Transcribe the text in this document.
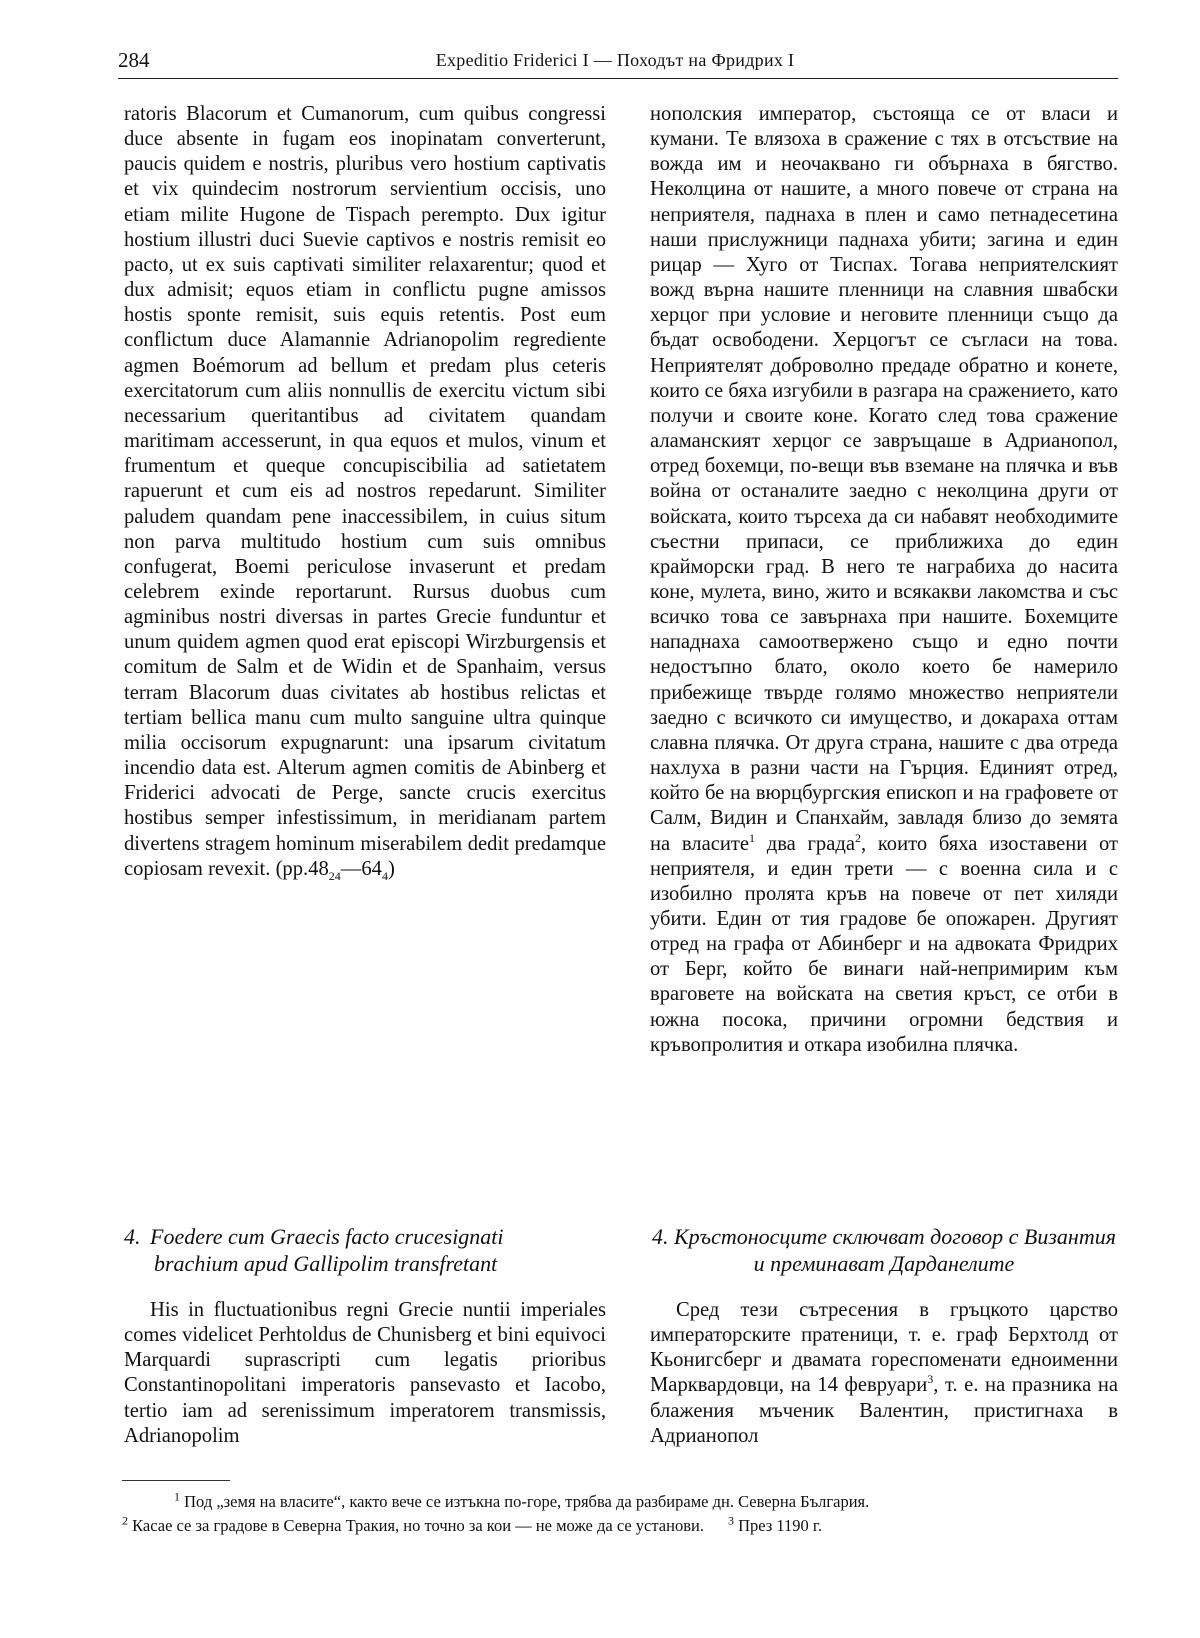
284	Expeditio Friderici I — Походът на Фридрих I

ratoris Blacorum et Cumanorum, cum quibus congressi duce absente in fugam eos inopinatam converterunt, paucis quidem e nostris, pluribus vero hostium captivatis et vix quindecim nostrorum servientium occisis, uno etiam milite Hugone de Tispach perempto. Dux igitur hostium illustri duci Suevie captivos e nostris remisit eo pacto, ut ex suis captivati similiter relaxarentur; quod et dux admisit; equos etiam in conflictu pugne amissos hostis sponte remisit, suis equis retentis. Post eum conflictum duce Alamannie Adrianopolim regrediente agmen Boémorum ad bellum et predam plus ceteris exercitatorum cum aliis nonnullis de exercitu victum sibi necessarium queritantibus ad civitatem quandam maritimam accesserunt, in qua equos et mulos, vinum et frumentum et queque concupiscibilia ad satietatem rapuerunt et cum eis ad nostros repedarunt. Similiter paludem quandam pene inaccessibilem, in cuius situm non parva multitudo hostium cum suis omnibus confugerat, Boemi periculose invaserunt et predam celebrem exinde reportarunt. Rursus duobus cum agminibus nostri diversas in partes Grecie funduntur et unum quidem agmen quod erat episcopi Wirzburgensis et comitum de Salm et de Widin et de Spanhaim, versus terram Blacorum duas civitates ab hostibus relictas et tertiam bellica manu cum multo sanguine ultra quinque milia occisorum expugnarunt: una ipsarum civitatum incendio data est. Alterum agmen comitis de Abinberg et Friderici advocati de Perge, sancte crucis exercitus hostibus semper infestissimum, in meridianam partem divertens stragem hominum miserabilem dedit predamque copiosam revexit. $(pp.48_{24}—64_4)$

нополския император, състояща се от власи и кумани. Те влязоха в сражение с тях в отсъствие на вожда им и неочаквано ги обърнаха в бягство. Неколцина от нашите, а много повече от страна на неприятеля, паднаха в плен и само петнадесетина наши прислужници паднаха убити; загина и един рицар — Хуго от Тиспах. Тогава неприятелският вожд върна нашите пленници на славния швабски херцог при условие и неговите пленници също да бъдат освободени. Херцогът се съгласи на това. Неприятелят доброволно предаде обратно и конете, които се бяха изгубили в разгара на сражението, като получи и своите коне. Когато след това сражение аламанският херцог се завръщаше в Адрианопол, отред бохемци, по-вещи във вземане на плячка и във война от останалите заедно с неколцина други от войската, които търсеха да си набавят необходимите съестни припаси, се приближиха до един крайморски град. В него те награбиха до насита коне, мулета, вино, жито и всякакви лакомства и със всичко това се завърнаха при нашите. Бохемците нападнаха самоотвержено също и едно почти недостъпно блато, около което бе намерило прибежище твърде голямо множество неприятели заедно с всичкото си имущество, и докараха оттам славна плячка. От друга страна, нашите с два отреда нахлуха в разни части на Гърция. Единият отред, който бе на вюрцбургския епископ и на графовете от Салм, Видин и Спанхайм, завладя близо до земята на власите$^1$ два града$^2$, които бяха изоставени от неприятеля, и един трети — с военна сила и с изобилно пролята кръв на повече от пет хиляди убити. Един от тия градове бе опожарен. Другият отред на графа от Абинберг и на адвоката Фридрих от Берг, който бе винаги най-непримирим към враговете на войската на светия кръст, се отби в южна посока, причини огромни бедствия и кръвопролития и откара изобилна плячка.

4. Foedere cum Graecis facto crucesignati
brachium apud Gallipolim transfretant
4. Кръстоносците сключват договор с Византия и преминават Дарданелите

His in fluctuationibus regni Grecie nuntii imperiales comes videlicet Perhtoldus de Chunisberg et bini equivoci Marquardi suprascripti cum legatis prioribus Constantinopolitani imperatoris pansevasto et Iacobo, tertio iam ad serenissimum imperatorem transmissis, Adrianopolim

Сред тези сътресения в гръцкото царство императорските пратеници, т. е. граф Берхтолд от Кьонигсберг и двамата гореспоменати едноименни Марквардовци, на 14 февруари$^3$, т. е. на празника на блажения мъченик Валентин, пристигнаха в Адрианопол

$^1$ Под „земя на власите“, както вече се изтъкна по-горе, трябва да разбираме дн. Северна България.
$^2$ Касае се за градове в Северна Тракия, но точно за кои — не може да се установи. $^3$ През 1190 г.
